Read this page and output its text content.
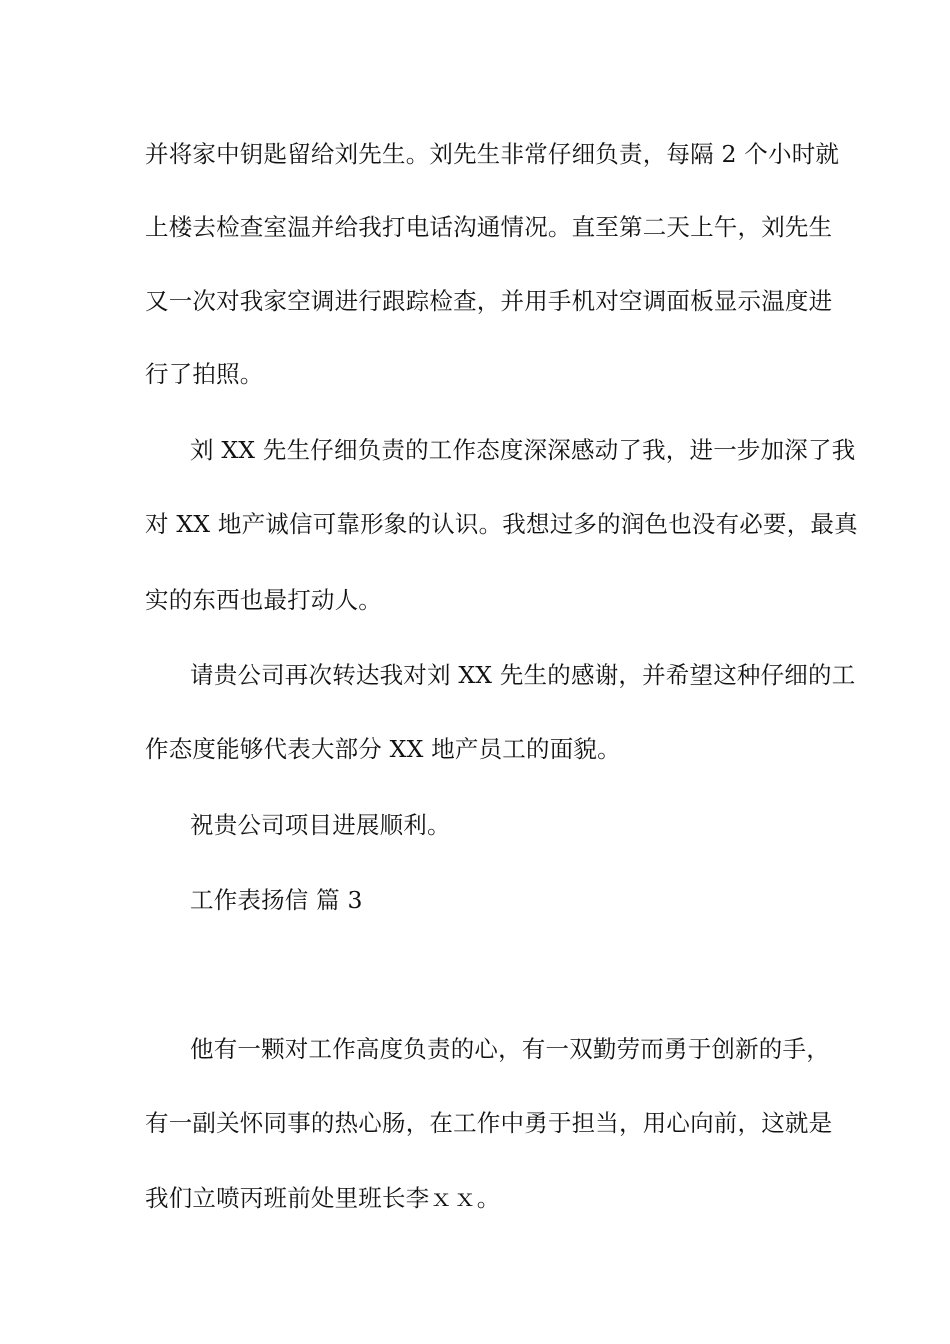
并将家中钥匙留给刘先生。刘先生非常仔细负责，每隔 2 个小时就
上楼去检查室温并给我打电话沟通情况。直至第二天上午，刘先生
又一次对我家空调进行跟踪检查，并用手机对空调面板显示温度进
行了拍照。
刘 XX 先生仔细负责的工作态度深深感动了我，进一步加深了我
对 XX 地产诚信可靠形象的认识。我想过多的润色也没有必要，最真
实的东西也最打动人。
请贵公司再次转达我对刘 XX 先生的感谢，并希望这种仔细的工
作态度能够代表大部分 XX 地产员工的面貌。
祝贵公司项目进展顺利。
工作表扬信 篇 3
他有一颗对工作高度负责的心，有一双勤劳而勇于创新的手，
有一副关怀同事的热心肠，在工作中勇于担当，用心向前，这就是
我们立喷丙班前处里班长李ｘｘ。
